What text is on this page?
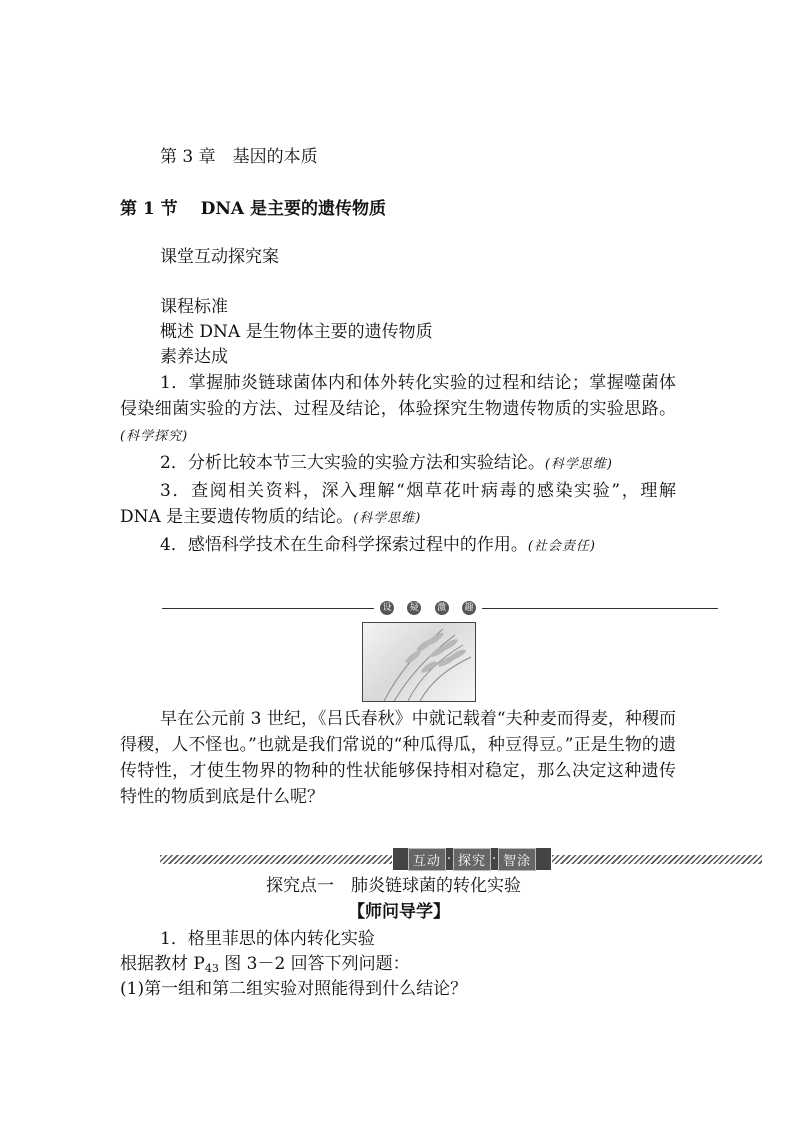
第 3 章　基因的本质
第 1 节　 DNA 是主要的遗传物质
课堂互动探究案
课程标准
概述 DNA 是生物体主要的遗传物质
素养达成

1．掌握肺炎链球菌体内和体外转化实验的过程和结论；掌握噬菌体侵染细菌实验的方法、过程及结论，体验探究生物遗传物质的实验思路。(科学探究)

2．分析比较本节三大实验的实验方法和实验结论。(科学思维)

3．查阅相关资料，深入理解“烟草花叶病毒的感染实验”，理解 DNA 是主要遗传物质的结论。(科学思维)

4．感悟科学技术在生命科学探索过程中的作用。(社会责任)

设 疑 激 趣

早在公元前 3 世纪，《吕氏春秋》中就记载着“夫种麦而得麦，种稷而得稷，人不怪也。”也就是我们常说的“种瓜得瓜，种豆得豆。”正是生物的遗传特性，才使生物界的物种的性状能够保持相对稳定，那么决定这种遗传特性的物质到底是什么呢？

互动 · 探究 · 智涂
探究点一　肺炎链球菌的转化实验
【师问导学】
1．格里菲思的体内转化实验
根据教材 $P_{43}$ 图 3－2 回答下列问题：
(1)第一组和第二组实验对照能得到什么结论？
